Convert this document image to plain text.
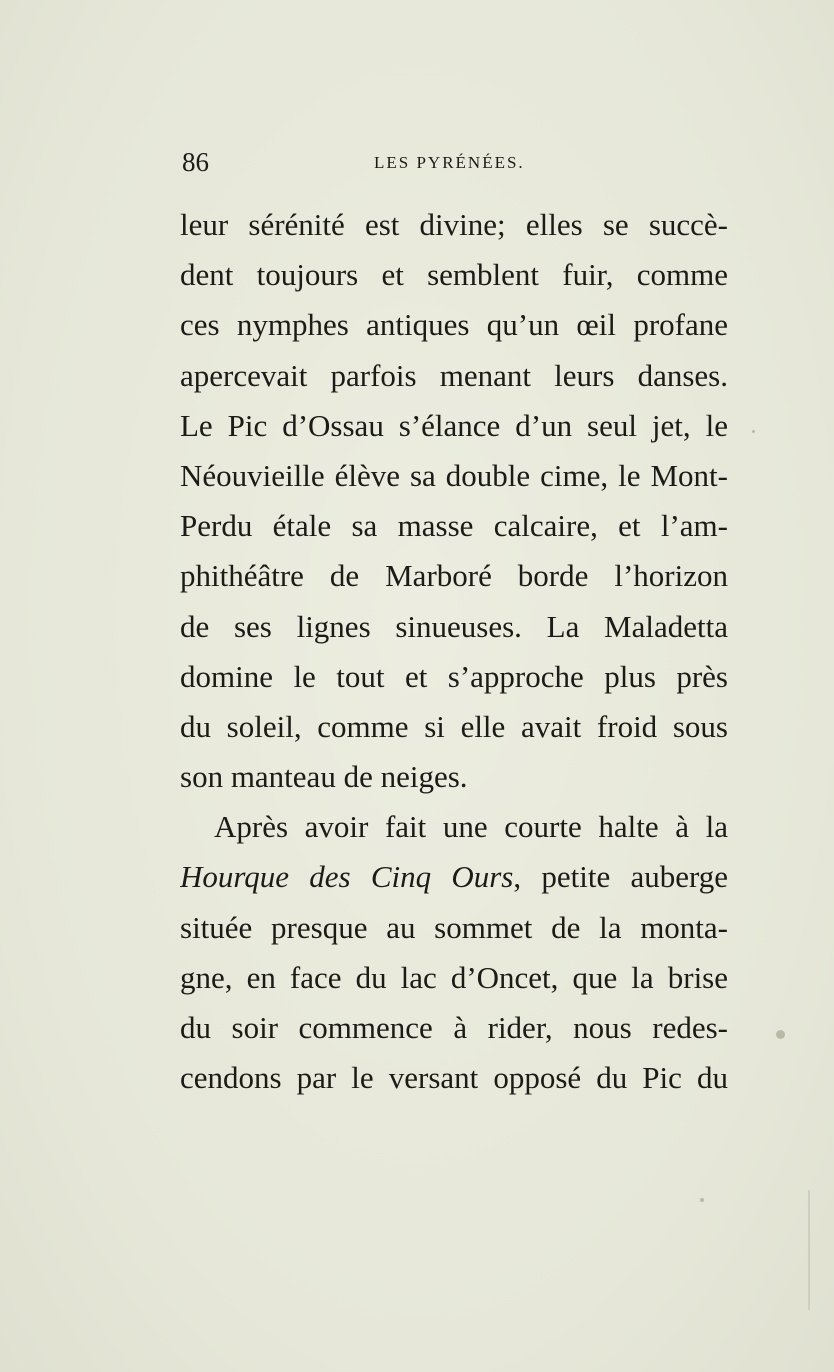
86	LES PYRÉNÉES.
leur sérénité est divine; elles se succè-
dent toujours et semblent fuir, comme
ces nymphes antiques qu’un œil profane
apercevait parfois menant leurs danses.
Le Pic d’Ossau s’élance d’un seul jet, le
Néouvieille élève sa double cime, le Mont-
Perdu étale sa masse calcaire, et l’am-
phithéâtre de Marboré borde l’horizon
de ses lignes sinueuses. La Maladetta
domine le tout et s’approche plus près
du soleil, comme si elle avait froid sous
son manteau de neiges.
Après avoir fait une courte halte à la
Hourque des Cinq Ours, petite auberge
située presque au sommet de la monta-
gne, en face du lac d’Oncet, que la brise
du soir commence à rider, nous redes-
cendons par le versant opposé du Pic du
